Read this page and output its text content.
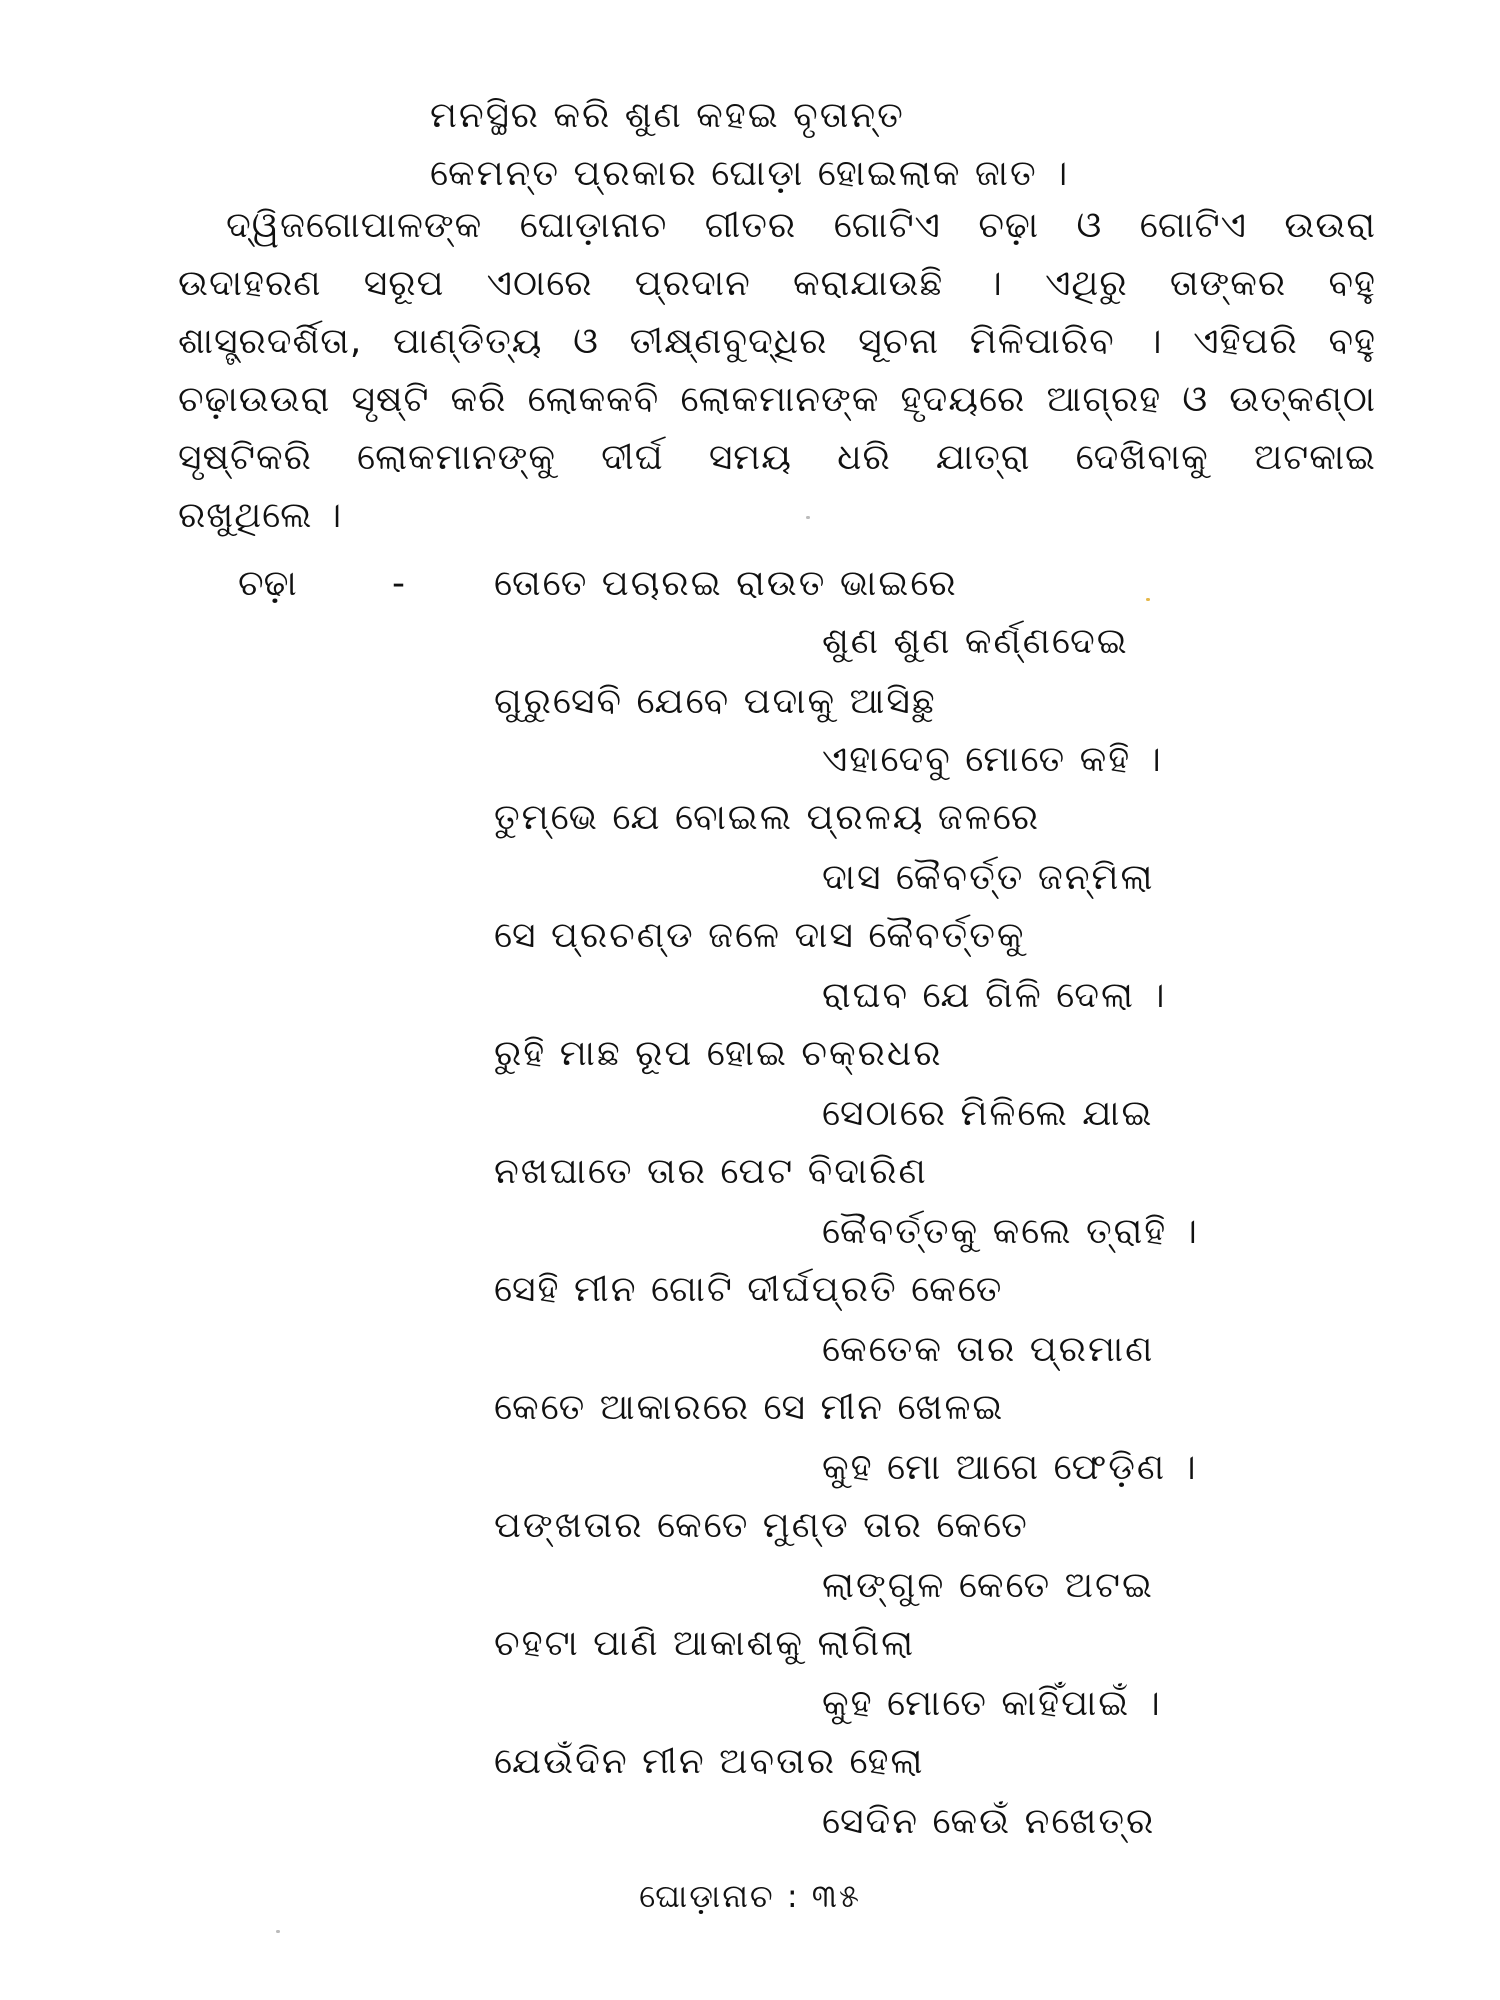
ମନସ୍ଥିର କରି ଶୁଣ କହଇ ବୃତାନ୍ତ
କେମନ୍ତ ପ୍ରକାର ଘୋଡ଼ା ହୋଇଲାକ ଜାତ ।
ଦ୍ୱିଜଗୋପାଳଙ୍କ ଘୋଡ଼ାନାଚ ଗୀତର ଗୋଟିଏ ଚଢ଼ା ଓ ଗୋଟିଏ ଉଉରା
ଉଦାହରଣ ସରୂପ ଏଠାରେ ପ୍ରଦାନ କରାଯାଉଛି । ଏଥିରୁ ତାଙ୍କର ବହୁ
ଶାସ୍ତ୍ରଦର୍ଶିତା, ପାଣ୍ଡିତ୍ୟ ଓ ତୀକ୍ଷ୍ଣବୁଦ୍ଧିର ସୂଚନା ମିଳିପାରିବ । ଏହିପରି ବହୁ
ଚଢ଼ାଉଉରା ସୃଷ୍ଟି କରି ଲୋକକବି ଲୋକମାନଙ୍କ ହୃଦୟରେ ଆଗ୍ରହ ଓ ଉତ୍କଣ୍ଠା
ସୃଷ୍ଟିକରି ଲୋକମାନଙ୍କୁ ଦୀର୍ଘ ସମୟ ଧରି ଯାତ୍ରା ଦେଖିବାକୁ ଅଟକାଇ
ରଖୁଥିଲେ ।
ଚଢ଼ା	- ତୋତେ ପଚାରଇ ରାଉତ ଭାଇରେ
ଶୁଣ ଶୁଣ କର୍ଣ୍ଣଦେଇ
ଗୁରୁସେବି ଯେବେ ପଦାକୁ ଆସିଛୁ
ଏହାଦେବୁ ମୋତେ କହି ।
ତୁମ୍ଭେ ଯେ ବୋଇଲ ପ୍ରଳୟ ଜଳରେ
ଦାସ କୈବର୍ତ୍ତ ଜନ୍ମିଲା
ସେ ପ୍ରଚଣ୍ଡ ଜଳେ ଦାସ କୈବର୍ତ୍ତକୁ
ରାଘବ ଯେ ଗିଳି ଦେଲା ।
ରୁହି ମାଛ ରୂପ ହୋଇ ଚକ୍ରଧର
ସେଠାରେ ମିଳିଲେ ଯାଇ
ନଖଘାତେ ତାର ପେଟ ବିଦାରିଣ
କୈବର୍ତ୍ତକୁ କଲେ ତ୍ରାହି ।
ସେହି ମୀନ ଗୋଟି ଦୀର୍ଘପ୍ରତି କେତେ
କେତେକ ତାର ପ୍ରମାଣ
କେତେ ଆକାରରେ ସେ ମୀନ ଖେଳଇ
କୁହ ମୋ ଆଗେ ଫେଡ଼ିଣ ।
ପଙ୍ଖତାର କେତେ ମୁଣ୍ଡ ତାର କେତେ
ଲାଙ୍ଗୁଳ କେତେ ଅଟଇ
ଚହଟା ପାଣି ଆକାଶକୁ ଲାଗିଲା
କୁହ ମୋତେ କାହିଁପାଇଁ ।
ଯେଉଁଦିନ ମୀନ ଅବତାର ହେଲା
ସେଦିନ କେଉଁ ନଖେତ୍ର
ଘୋଡ଼ାନାଚ : ୩୫
